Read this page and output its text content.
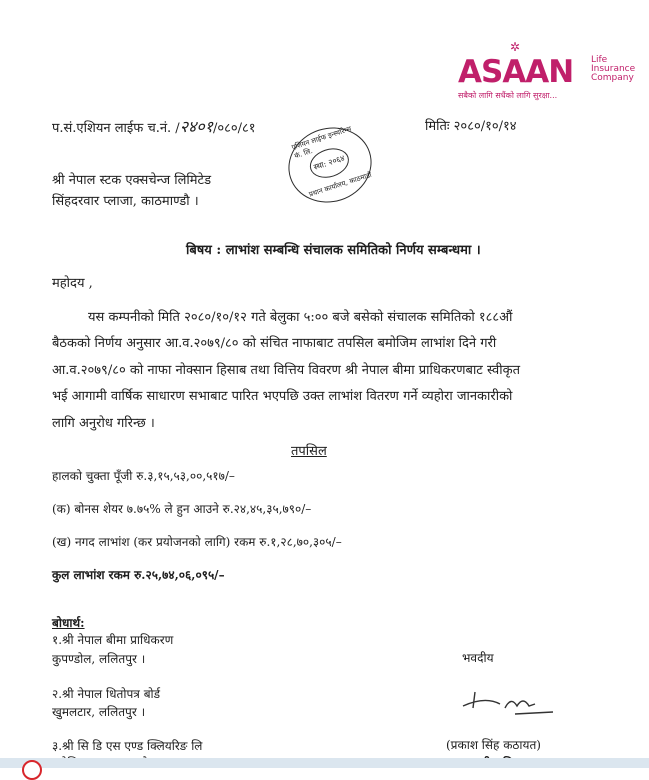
✲
ASAAN Life
Insurance
Company
सबैको लागि सधैंको लागि सुरक्षा...
प.सं.एशियन लाईफ च.नं. /२४०१/०८०/८१	मितिः २०८०/१०/१४
एशियन लाईफ इन्स्योरेन्स कं. लि. स्था: २०६४
प्रधान कार्यालय, काठमाडौं
श्री नेपाल स्टक एक्सचेन्ज लिमिटेड
सिंहदरवार प्लाजा, काठमाण्डौ ।
बिषय : लाभांश सम्बन्धि संचालक समितिको निर्णय सम्बन्धमा ।
महोदय ,
यस कम्पनीको मिति २०८०/१०/१२ गते बेलुका ५:०० बजे बसेको संचालक समितिको १८८औं
बैठकको निर्णय अनुसार आ.व.२०७९/८० को संचित नाफाबाट तपसिल बमोजिम लाभांश दिने गरी
आ.व.२०७९/८० को नाफा नोक्सान हिसाब तथा वित्तिय विवरण श्री नेपाल बीमा प्राधिकरणबाट स्वीकृत
भई आगामी वार्षिक साधारण सभाबाट पारित भएपछि उक्त लाभांश वितरण गर्ने व्यहोरा जानकारीको
लागि अनुरोध गरिन्छ ।
तपसिल
हालको चुक्ता पूँजी रु.३,१५,५३,००,५१७/–
(क) बोनस शेयर ७.७५% ले हुन आउने रु.२४,४५,३५,७९०/–
(ख) नगद लाभांश (कर प्रयोजनको लागि) रकम रु.१,२८,७०,३०५/–
कुल लाभांश रकम रु.२५,७४,०६,०९५/–
बोधार्थ:
१.श्री नेपाल बीमा प्राधिकरण
कुपण्डोल, ललितपुर ।
२.श्री नेपाल धितोपत्र बोर्ड
खुमलटार, ललितपुर ।
३.श्री सि डि एस एण्ड क्लियरिङ लि
भवदीय
(प्रकाश सिंह कठायत)
